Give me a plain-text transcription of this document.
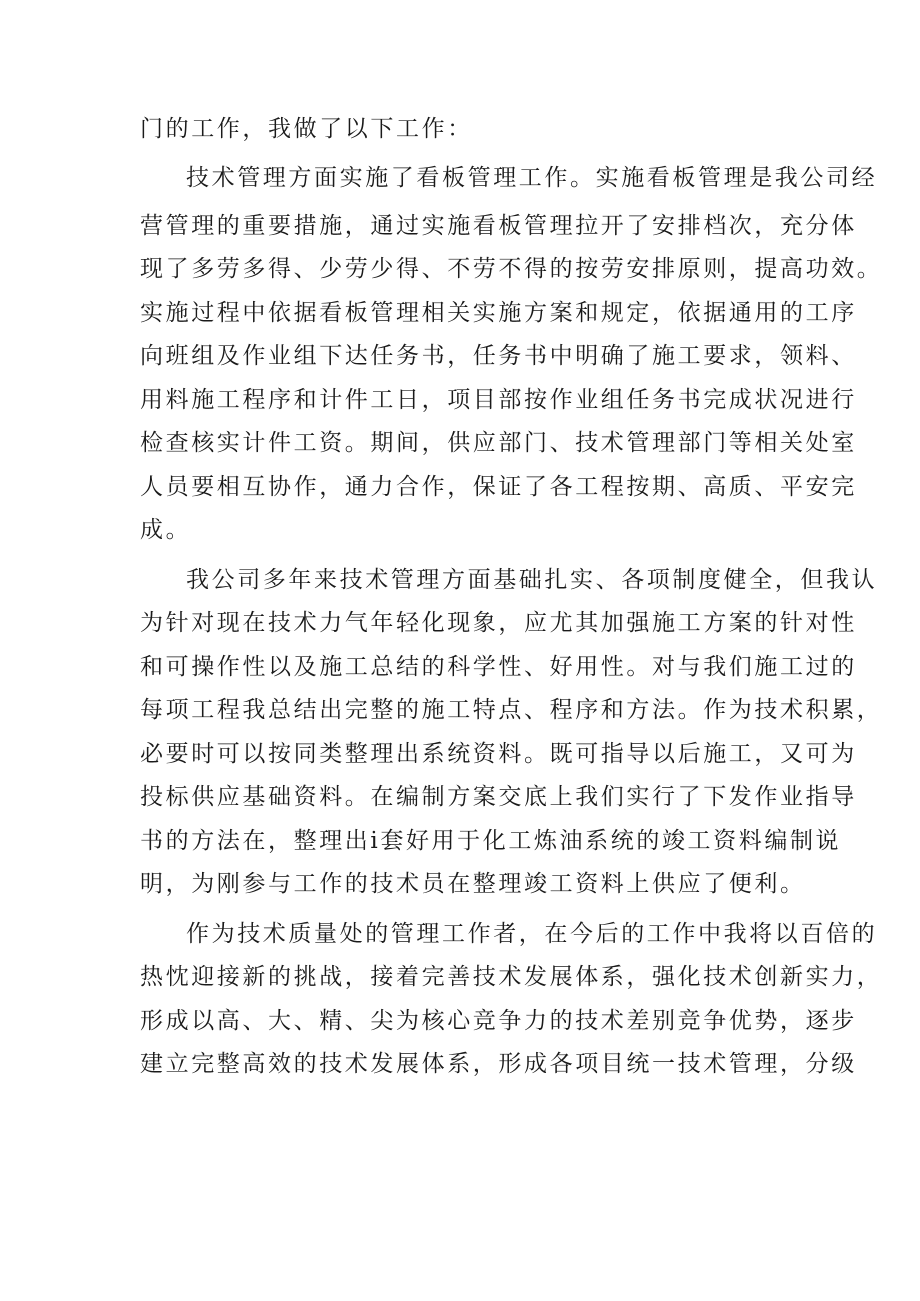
门的工作，我做了以下工作：
技术管理方面实施了看板管理工作。实施看板管理是我公司经
营管理的重要措施，通过实施看板管理拉开了安排档次，充分体
现了多劳多得、少劳少得、不劳不得的按劳安排原则，提高功效。
实施过程中依据看板管理相关实施方案和规定，依据通用的工序
向班组及作业组下达任务书，任务书中明确了施工要求，领料、
用料施工程序和计件工日，项目部按作业组任务书完成状况进行
检查核实计件工资。期间，供应部门、技术管理部门等相关处室
人员要相互协作，通力合作，保证了各工程按期、高质、平安完
成。
我公司多年来技术管理方面基础扎实、各项制度健全，但我认
为针对现在技术力气年轻化现象，应尤其加强施工方案的针对性
和可操作性以及施工总结的科学性、好用性。对与我们施工过的
每项工程我总结出完整的施工特点、程序和方法。作为技术积累，
必要时可以按同类整理出系统资料。既可指导以后施工，又可为
投标供应基础资料。在编制方案交底上我们实行了下发作业指导
书的方法在，整理出i套好用于化工炼油系统的竣工资料编制说
明，为刚参与工作的技术员在整理竣工资料上供应了便利。
作为技术质量处的管理工作者，在今后的工作中我将以百倍的
热忱迎接新的挑战，接着完善技术发展体系，强化技术创新实力，
形成以高、大、精、尖为核心竞争力的技术差别竞争优势，逐步
建立完整高效的技术发展体系，形成各项目统一技术管理，分级
